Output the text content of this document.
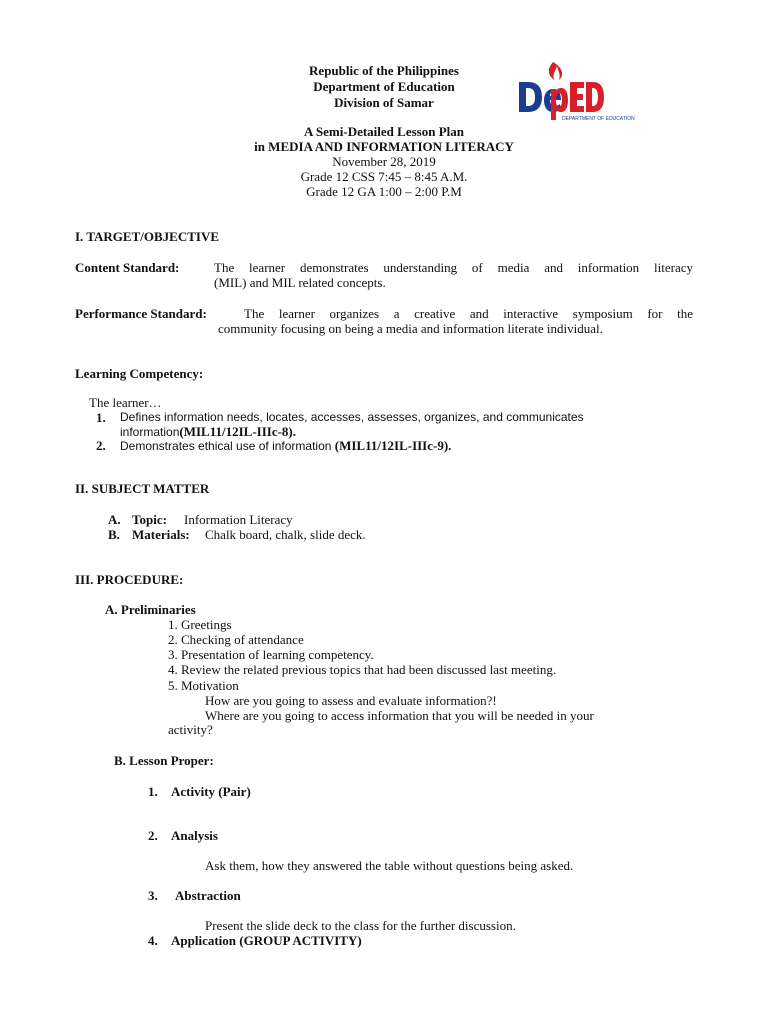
Republic of the Philippines
Department of Education
Division of Samar
A Semi-Detailed Lesson Plan
in MEDIA AND INFORMATION LITERACY
November 28, 2019
Grade 12 CSS 7:45 – 8:45 A.M.
Grade 12 GA 1:00 – 2:00 P.M
DEPARTMENT OF EDUCATION
I. TARGET/OBJECTIVE
Content Standard:	The learner demonstrates understanding of media and information literacy
(MIL) and MIL related concepts.
Performance Standard:	The learner organizes a creative and interactive symposium for the
community focusing on being a media and information literate individual.
Learning Competency:
The learner…
1. Defines information needs, locates, accesses, assesses, organizes, and communicates
information(MIL11/12IL-IIIc-8).
2. Demonstrates ethical use of information (MIL11/12IL-IIIc-9).
II. SUBJECT MATTER
A. Topic: Information Literacy
B. Materials: Chalk board, chalk, slide deck.
III. PROCEDURE:
A. Preliminaries
1. Greetings
2. Checking of attendance
3. Presentation of learning competency.
4. Review the related previous topics that had been discussed last meeting.
5. Motivation
How are you going to assess and evaluate information?!
Where are you going to access information that you will be needed in your
activity?
B. Lesson Proper:
1. Activity (Pair)
2. Analysis
Ask them, how they answered the table without questions being asked.
3. Abstraction
Present the slide deck to the class for the further discussion.
4. Application (GROUP ACTIVITY)
